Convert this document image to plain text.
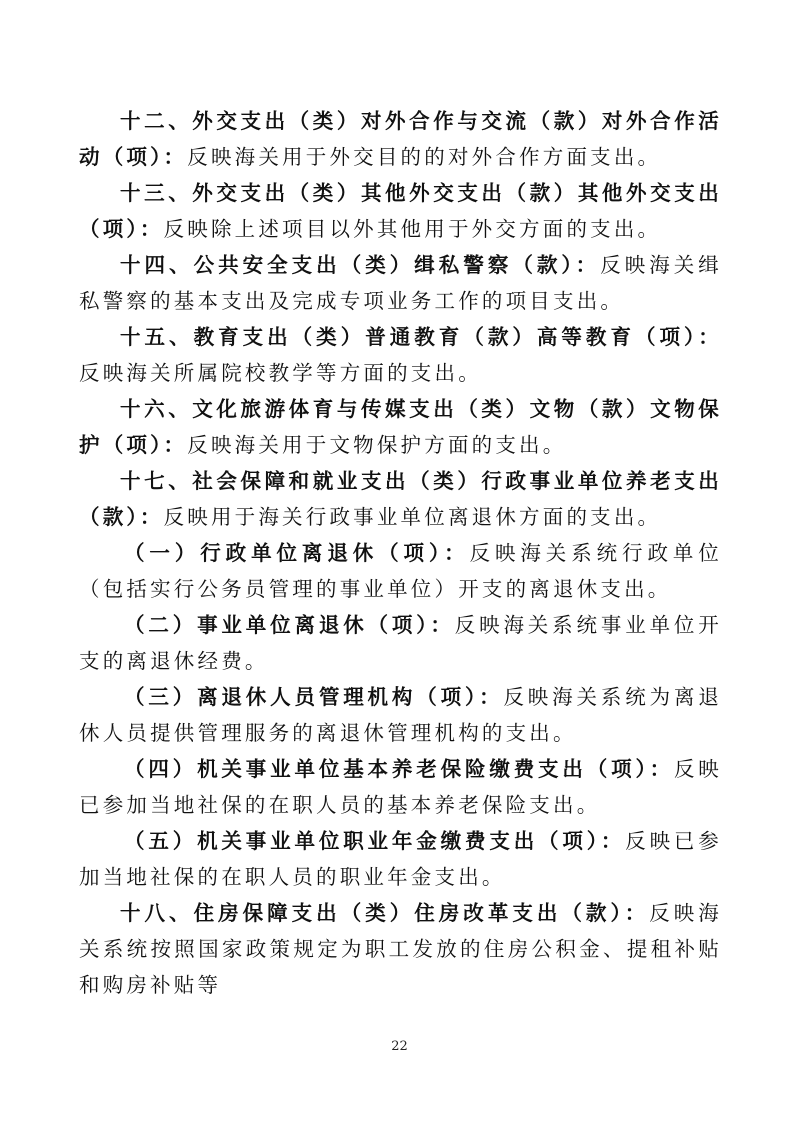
十二、外交支出（类）对外合作与交流（款）对外合作活动（项）：反映海关用于外交目的的对外合作方面支出。

十三、外交支出（类）其他外交支出（款）其他外交支出（项）：反映除上述项目以外其他用于外交方面的支出。

十四、公共安全支出（类）缉私警察（款）：反映海关缉私警察的基本支出及完成专项业务工作的项目支出。

十五、教育支出（类）普通教育（款）高等教育（项）：反映海关所属院校教学等方面的支出。

十六、文化旅游体育与传媒支出（类）文物（款）文物保护（项）：反映海关用于文物保护方面的支出。

十七、社会保障和就业支出（类）行政事业单位养老支出（款）：反映用于海关行政事业单位离退休方面的支出。

（一）行政单位离退休（项）：反映海关系统行政单位（包括实行公务员管理的事业单位）开支的离退休支出。

（二）事业单位离退休（项）：反映海关系统事业单位开支的离退休经费。

（三）离退休人员管理机构（项）：反映海关系统为离退休人员提供管理服务的离退休管理机构的支出。

（四）机关事业单位基本养老保险缴费支出（项）：反映已参加当地社保的在职人员的基本养老保险支出。

（五）机关事业单位职业年金缴费支出（项）：反映已参加当地社保的在职人员的职业年金支出。

十八、住房保障支出（类）住房改革支出（款）：反映海关系统按照国家政策规定为职工发放的住房公积金、提租补贴和购房补贴等

22
